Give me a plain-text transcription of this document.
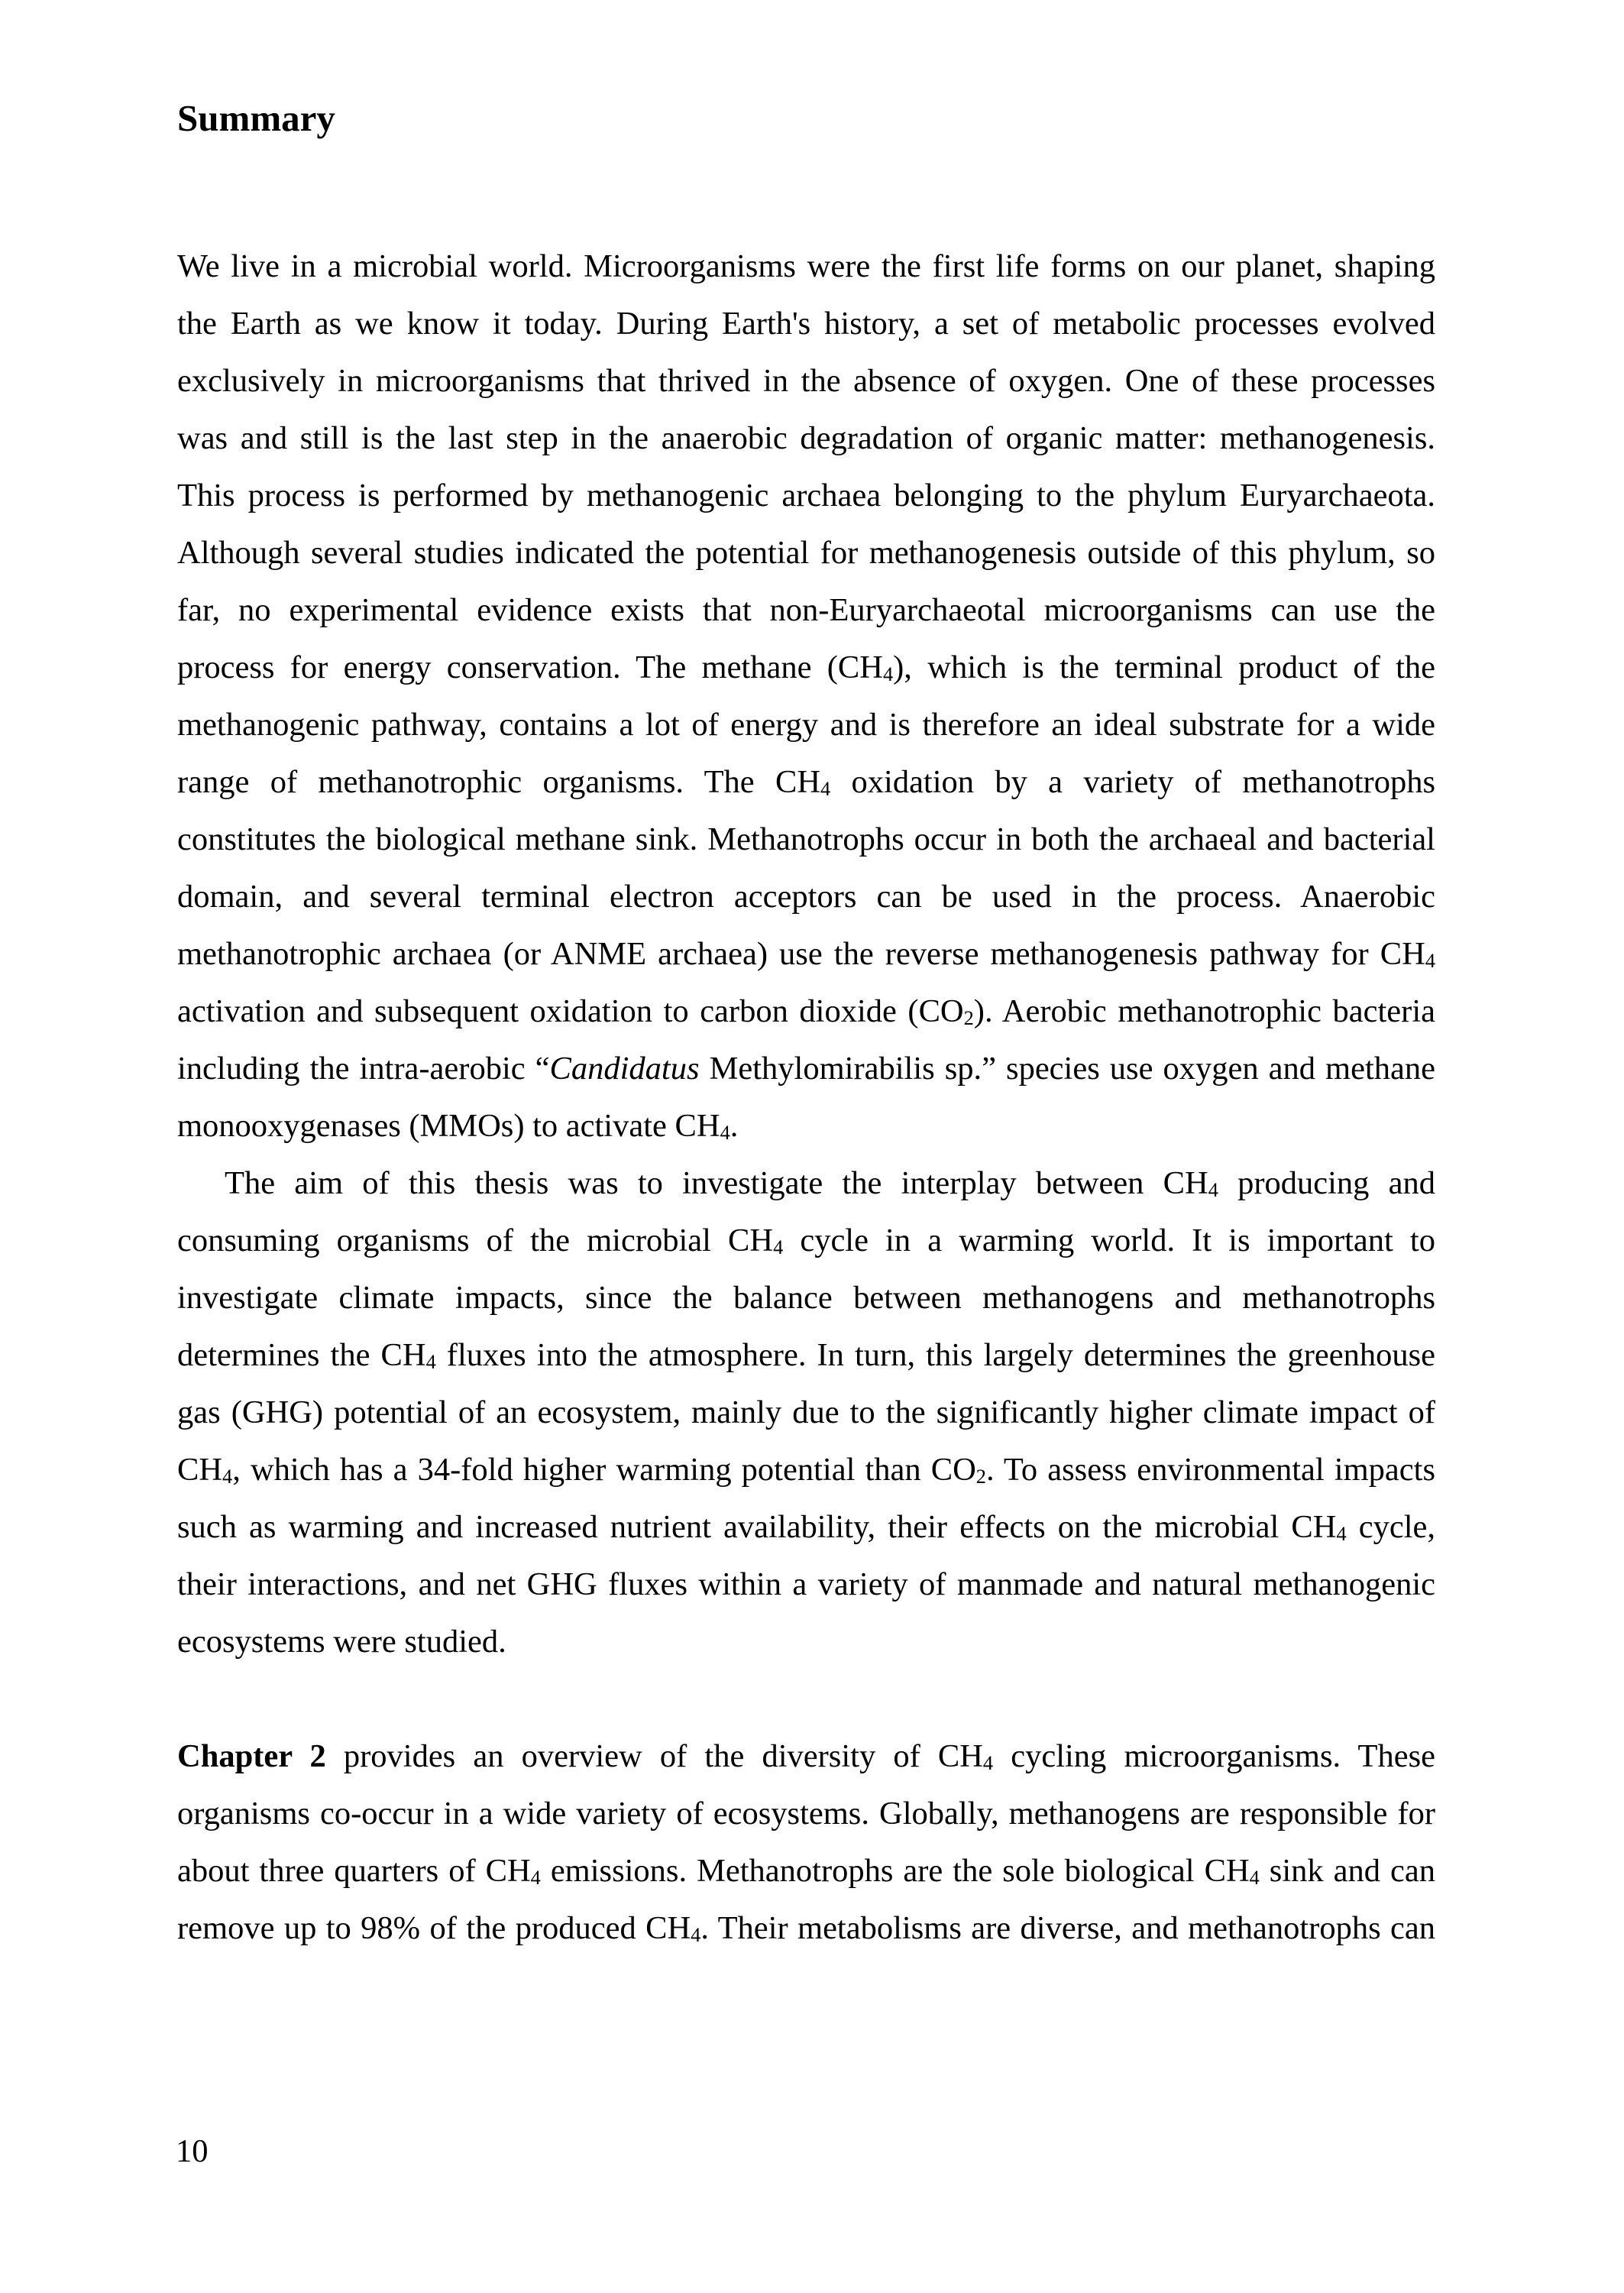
Summary
We live in a microbial world. Microorganisms were the first life forms on our planet, shaping
the Earth as we know it today. During Earth's history, a set of metabolic processes evolved
exclusively in microorganisms that thrived in the absence of oxygen. One of these processes
was and still is the last step in the anaerobic degradation of organic matter: methanogenesis.
This process is performed by methanogenic archaea belonging to the phylum Euryarchaeota.
Although several studies indicated the potential for methanogenesis outside of this phylum, so
far, no experimental evidence exists that non-Euryarchaeotal microorganisms can use the
process for energy conservation. The methane (CH4), which is the terminal product of the
methanogenic pathway, contains a lot of energy and is therefore an ideal substrate for a wide
range of methanotrophic organisms. The CH4 oxidation by a variety of methanotrophs
constitutes the biological methane sink. Methanotrophs occur in both the archaeal and bacterial
domain, and several terminal electron acceptors can be used in the process. Anaerobic
methanotrophic archaea (or ANME archaea) use the reverse methanogenesis pathway for CH4
activation and subsequent oxidation to carbon dioxide (CO2). Aerobic methanotrophic bacteria
including the intra-aerobic “Candidatus Methylomirabilis sp.” species use oxygen and methane
monooxygenases (MMOs) to activate CH4.
The aim of this thesis was to investigate the interplay between CH4 producing and
consuming organisms of the microbial CH4 cycle in a warming world. It is important to
investigate climate impacts, since the balance between methanogens and methanotrophs
determines the CH4 fluxes into the atmosphere. In turn, this largely determines the greenhouse
gas (GHG) potential of an ecosystem, mainly due to the significantly higher climate impact of
CH4, which has a 34-fold higher warming potential than CO2. To assess environmental impacts
such as warming and increased nutrient availability, their effects on the microbial CH4 cycle,
their interactions, and net GHG fluxes within a variety of manmade and natural methanogenic
ecosystems were studied.
Chapter 2 provides an overview of the diversity of CH4 cycling microorganisms. These
organisms co-occur in a wide variety of ecosystems. Globally, methanogens are responsible for
about three quarters of CH4 emissions. Methanotrophs are the sole biological CH4 sink and can
remove up to 98% of the produced CH4. Their metabolisms are diverse, and methanotrophs can
10
